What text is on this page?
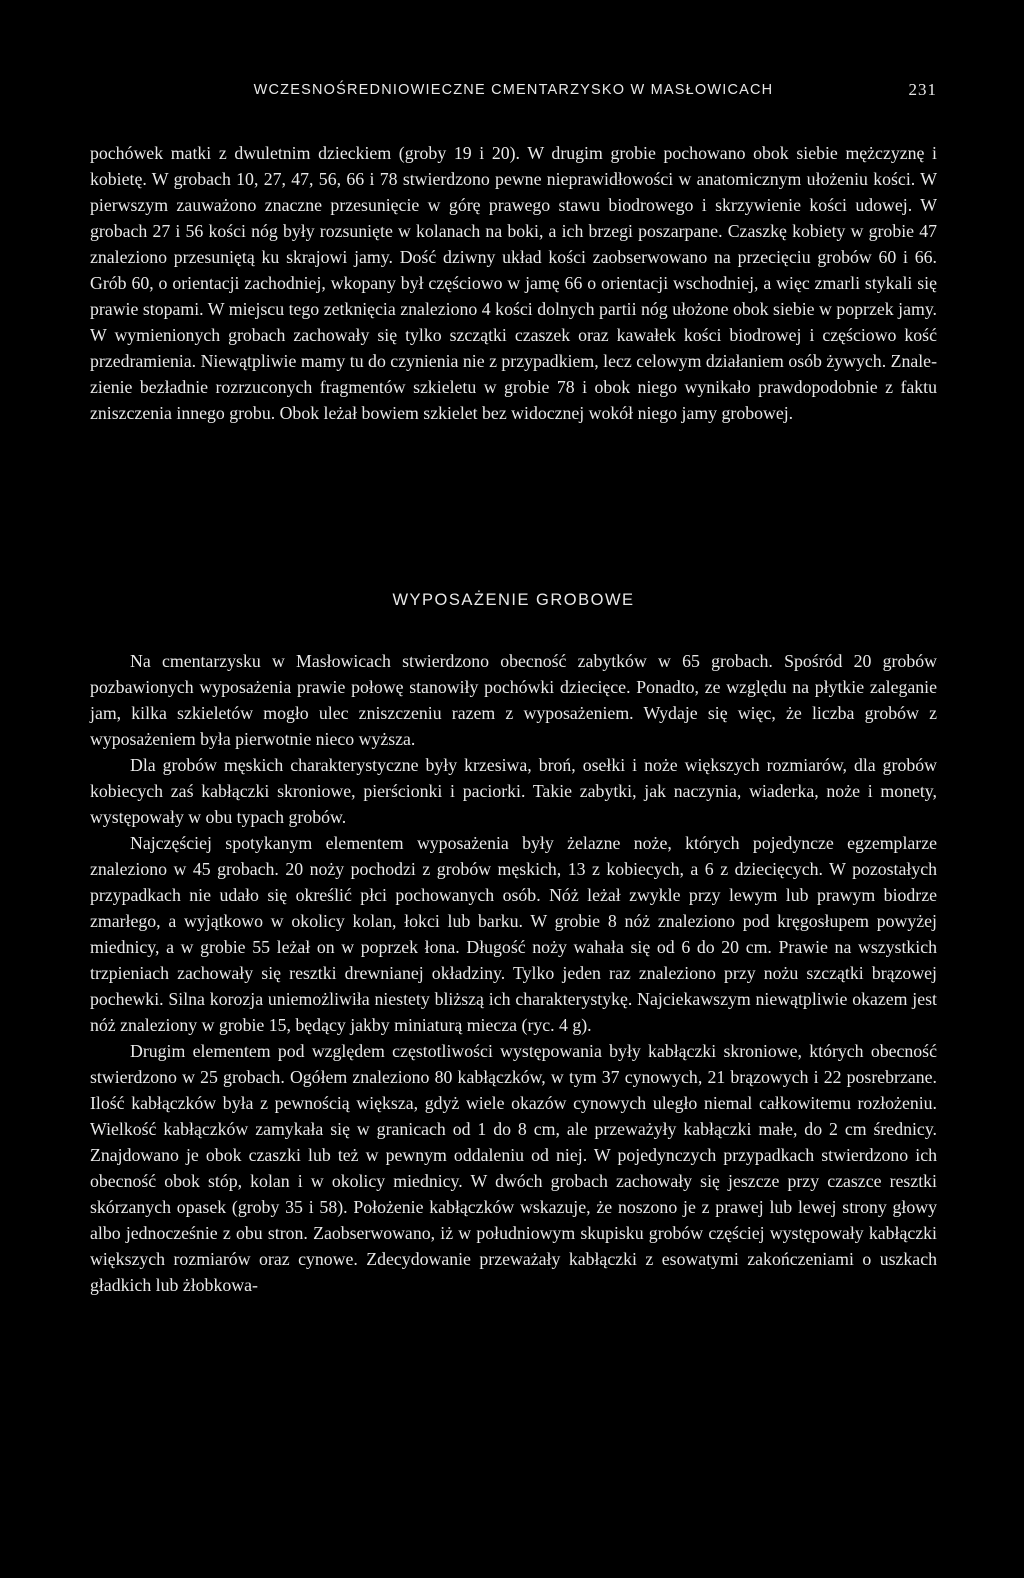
WCZESNOŚREDNIOWIECZNE CMENTARZYSKO W MASŁOWICACH	231

pochówek matki z dwuletnim dzieckiem (groby 19 i 20). W drugim grobie pochowano obok siebie mężczyznę i kobietę. W grobach 10, 27, 47, 56, 66 i 78 stwierdzono pewne nieprawidłowości w anatomicznym ułożeniu kości. W pierwszym zauważono znaczne przesunięcie w górę prawego stawu biodrowego i skrzywienie kości udowej. W grobach 27 i 56 kości nóg były rozsunięte w kolanach na boki, a ich brzegi poszarpane. Czaszkę kobiety w grobie 47 znaleziono przesuniętą ku skrajowi jamy. Dość dziwny układ kości zaobserwowano na przecięciu grobów 60 i 66. Grób 60, o orientacji zachodniej, wkopany był częściowo w jamę 66 o orientacji wschodniej, a więc zmarli stykali się prawie stopami. W miejscu tego zetknięcia znaleziono 4 kości dolnych partii nóg ułożone obok siebie w poprzek jamy. W wymienionych grobach zachowały się tylko szczątki czaszek oraz kawałek kości biodrowej i częściowo kość przedramienia. Niewątpliwie mamy tu do czynienia nie z przypadkiem, lecz celowym działaniem osób żywych. Znalezienie bezładnie rozrzuconych fragmentów szkieletu w grobie 78 i obok niego wynikało prawdopodobnie z faktu zniszczenia innego grobu. Obok leżał bowiem szkielet bez widocznej wokół niego jamy grobowej.

WYPOSAŻENIE GROBOWE

Na cmentarzysku w Masłowicach stwierdzono obecność zabytków w 65 grobach. Spośród 20 grobów pozbawionych wyposażenia prawie połowę stanowiły pochówki dziecięce. Ponadto, ze względu na płytkie zaleganie jam, kilka szkieletów mogło ulec zniszczeniu razem z wyposażeniem. Wydaje się więc, że liczba grobów z wyposażeniem była pierwotnie nieco wyższa.

Dla grobów męskich charakterystyczne były krzesiwa, broń, osełki i noże większych rozmiarów, dla grobów kobiecych zaś kabłączki skroniowe, pierścionki i paciorki. Takie zabytki, jak naczynia, wiaderka, noże i monety, występowały w obu typach grobów.

Najczęściej spotykanym elementem wyposażenia były żelazne noże, których pojedyncze egzemplarze znaleziono w 45 grobach. 20 noży pochodzi z grobów męskich, 13 z kobiecych, a 6 z dziecięcych. W pozostałych przypadkach nie udało się określić płci pochowanych osób. Nóż leżał zwykle przy lewym lub prawym biodrze zmarłego, a wyjątkowo w okolicy kolan, łokci lub barku. W grobie 8 nóż znaleziono pod kręgosłupem powyżej miednicy, a w grobie 55 leżał on w poprzek łona. Długość noży wahała się od 6 do 20 cm. Prawie na wszystkich trzpieniach zachowały się resztki drewnianej okładziny. Tylko jeden raz znaleziono przy nożu szczątki brązowej pochewki. Silna korozja uniemożliwiła niestety bliższą ich charakterystykę. Najciekawszym niewątpliwie okazem jest nóż znaleziony w grobie 15, będący jakby miniaturą miecza (ryc. 4 g).

Drugim elementem pod względem częstotliwości występowania były kabłączki skroniowe, których obecność stwierdzono w 25 grobach. Ogółem znaleziono 80 kabłączków, w tym 37 cynowych, 21 brązowych i 22 posrebrzane. Ilość kabłączków była z pewnością większa, gdyż wiele okazów cynowych uległo niemal całkowitemu rozłożeniu. Wielkość kabłączków zamykała się w granicach od 1 do 8 cm, ale przeważyły kabłączki małe, do 2 cm średnicy. Znajdowano je obok czaszki lub też w pewnym oddaleniu od niej. W pojedynczych przypadkach stwierdzono ich obecność obok stóp, kolan i w okolicy miednicy. W dwóch grobach zachowały się jeszcze przy czaszce resztki skórzanych opasek (groby 35 i 58). Położenie kabłączków wskazuje, że noszono je z prawej lub lewej strony głowy albo jednocześnie z obu stron. Zaobserwowano, iż w południowym skupisku grobów częściej występowały kabłączki większych rozmiarów oraz cynowe. Zdecydowanie przeważały kabłączki z esowatymi zakończeniami o uszkach gładkich lub żłobkowa-
